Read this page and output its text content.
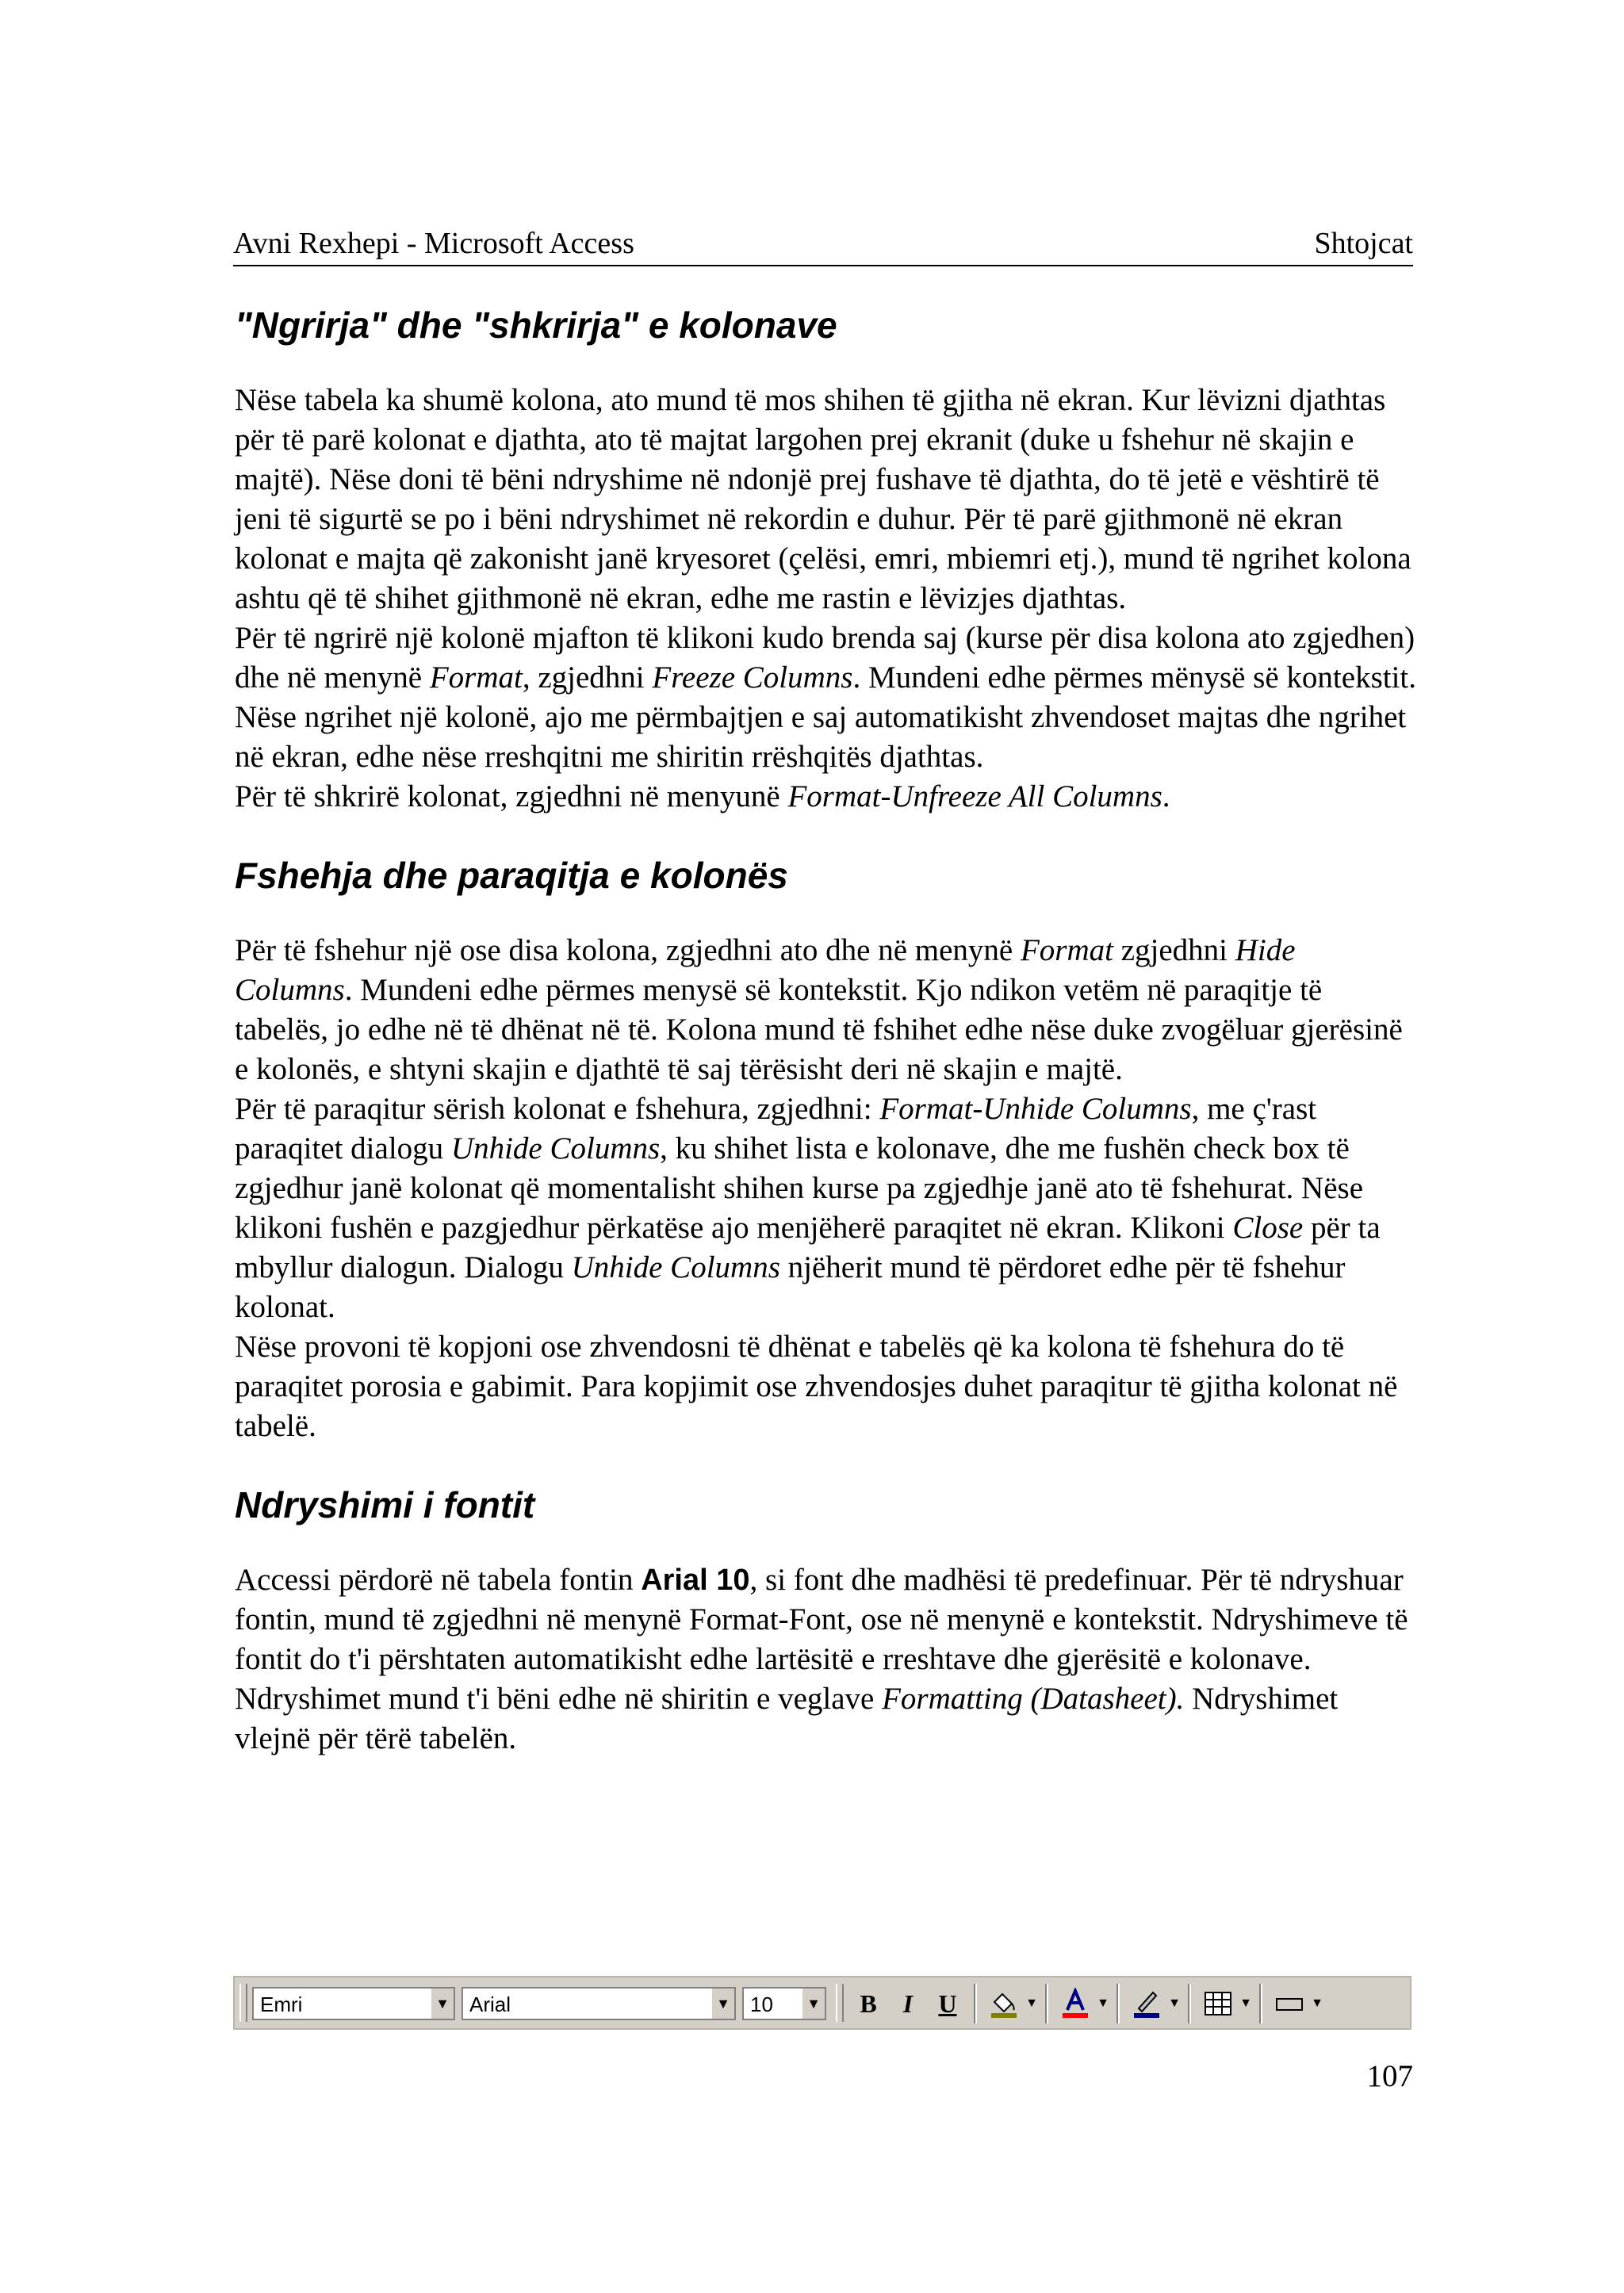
Avni Rexhepi - Microsoft Access	Shtojcat
"Ngrirja" dhe "shkrirja" e kolonave

Nëse tabela ka shumë kolona, ato mund të mos shihen të gjitha në ekran. Kur lëvizni djathtas për të parë kolonat e djathta, ato të majtat largohen prej ekranit (duke u fshehur në skajin e majtë). Nëse doni të bëni ndryshime në ndonjë prej fushave të djathta, do të jetë e vështirë të jeni të sigurtë se po i bëni ndryshimet në rekordin e duhur. Për të parë gjithmonë në ekran kolonat e majta që zakonisht janë kryesoret (çelësi, emri, mbiemri etj.), mund të ngrihet kolona ashtu që të shihet gjithmonë në ekran, edhe me rastin e lëvizjes djathtas.

Për të ngrirë një kolonë mjafton të klikoni kudo brenda saj (kurse për disa kolona ato zgjedhen) dhe në menynë Format, zgjedhni Freeze Columns. Mundeni edhe përmes mënysë së kontekstit. Nëse ngrihet një kolonë, ajo me përmbajtjen e saj automatikisht zhvendoset majtas dhe ngrihet në ekran, edhe nëse rreshqitni me shiritin rrëshqitës djathtas.

Për të shkrirë kolonat, zgjedhni në menyunë Format-Unfreeze All Columns.

Fshehja dhe paraqitja e kolonës

Për të fshehur një ose disa kolona, zgjedhni ato dhe në menynë Format zgjedhni Hide Columns. Mundeni edhe përmes menysë së kontekstit. Kjo ndikon vetëm në paraqitje të tabelës, jo edhe në të dhënat në të. Kolona mund të fshihet edhe nëse duke zvogëluar gjerësinë e kolonës, e shtyni skajin e djathtë të saj tërësisht deri në skajin e majtë.

Për të paraqitur sërish kolonat e fshehura, zgjedhni: Format-Unhide Columns, me ç'rast paraqitet dialogu Unhide Columns, ku shihet lista e kolonave, dhe me fushën check box të zgjedhur janë kolonat që momentalisht shihen kurse pa zgjedhje janë ato të fshehurat. Nëse klikoni fushën e pazgjedhur përkatëse ajo menjëherë paraqitet në ekran. Klikoni Close për ta mbyllur dialogun. Dialogu Unhide Columns njëherit mund të përdoret edhe për të fshehur kolonat.

Nëse provoni të kopjoni ose zhvendosni të dhënat e tabelës që ka kolona të fshehura do të paraqitet porosia e gabimit. Para kopjimit ose zhvendosjes duhet paraqitur të gjitha kolonat në tabelë.

Ndryshimi i fontit

Accessi përdorë në tabela fontin Arial 10, si font dhe madhësi të predefinuar. Për të ndryshuar fontin, mund të zgjedhni në menynë Format-Font, ose në menynë e kontekstit. Ndryshimeve të fontit do t'i përshtaten automatikisht edhe lartësitë e rreshtave dhe gjerësitë e kolonave. Ndryshimet mund t'i bëni edhe në shiritin e veglave Formatting (Datasheet). Ndryshimet vlejnë për tërë tabelën.

Emri	▼ Arial	▼ 10	▼	B	I	U	▼	▼	▼	▼	▼
107
